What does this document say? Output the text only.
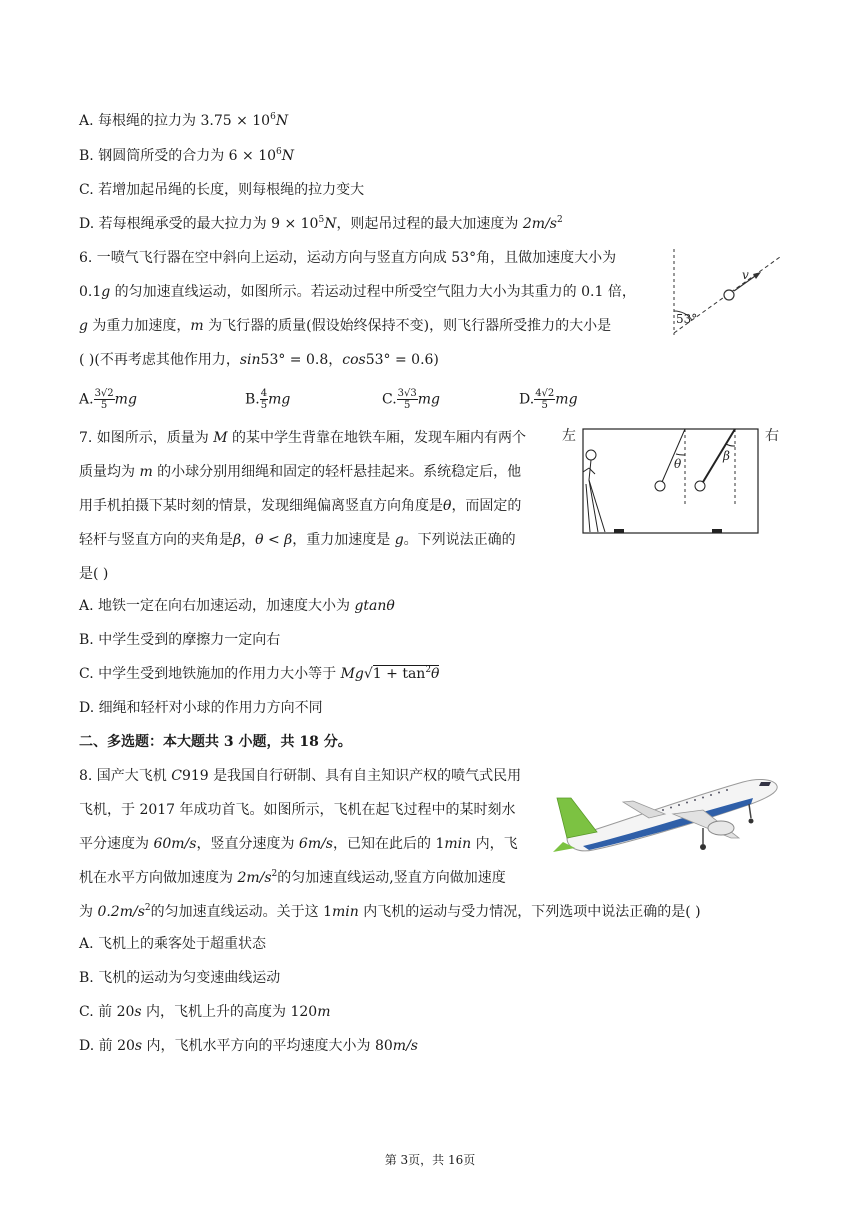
A. 每根绳的拉力为 $3.75 \times 10^6N$
B. 钢圆筒所受的合力为 $6 \times 10^6N$
C. 若增加起吊绳的长度，则每根绳的拉力变大
D. 若每根绳承受的最大拉力为 $9 \times 10^5N$，则起吊过程的最大加速度为 $2m/s^2$
6. 一喷气飞行器在空中斜向上运动，运动方向与竖直方向成 53°角，且做加速度大小为
0.1g 的匀加速直线运动，如图所示。若运动过程中所受空气阻力大小为其重力的 0.1 倍，
g 为重力加速度，m 为飞行器的质量(假设始终保持不变)，则飞行器所受推力的大小是
( )(不再考虑其他作用力，sin53° = 0.8，cos53° = 0.6)
53°
v
A. $\frac{3√2}{5}$ mg	B. $\frac{4}{5}$ mg	C. $\frac{3√3}{5}$ mg	D. $\frac{4√2}{5}$ mg
7. 如图所示，质量为 M 的某中学生背靠在地铁车厢，发现车厢内有两个
质量均为 m 的小球分别用细绳和固定的轻杆悬挂起来。系统稳定后，他
用手机拍摄下某时刻的情景，发现细绳偏离竖直方向角度是θ，而固定的
轻杆与竖直方向的夹角是β，θ < β，重力加速度是 g。下列说法正确的
是( )
A. 地铁一定在向右加速运动，加速度大小为 gtanθ
B. 中学生受到的摩擦力一定向右
C. 中学生受到地铁施加的作用力大小等于 $Mg√1 + \tan^2\theta$
D. 细绳和轻杆对小球的作用力方向不同
左	右
θ
β
二、多选题：本大题共 3 小题，共 18 分。
8. 国产大飞机 C919 是我国自行研制、具有自主知识产权的喷气式民用
飞机，于 2017 年成功首飞。如图所示，飞机在起飞过程中的某时刻水
平分速度为 60m/s，竖直分速度为 6m/s，已知在此后的 1min 内，飞
机在水平方向做加速度为 $2m/s^2$的匀加速直线运动,竖直方向做加速度
为 $0.2m/s^2$的匀加速直线运动。关于这 1min 内飞机的运动与受力情况，下列选项中说法正确的是( )
A. 飞机上的乘客处于超重状态
B. 飞机的运动为匀变速曲线运动
C. 前 20s 内，飞机上升的高度为 120m
D. 前 20s 内，飞机水平方向的平均速度大小为 80m/s
第 3页，共 16页
